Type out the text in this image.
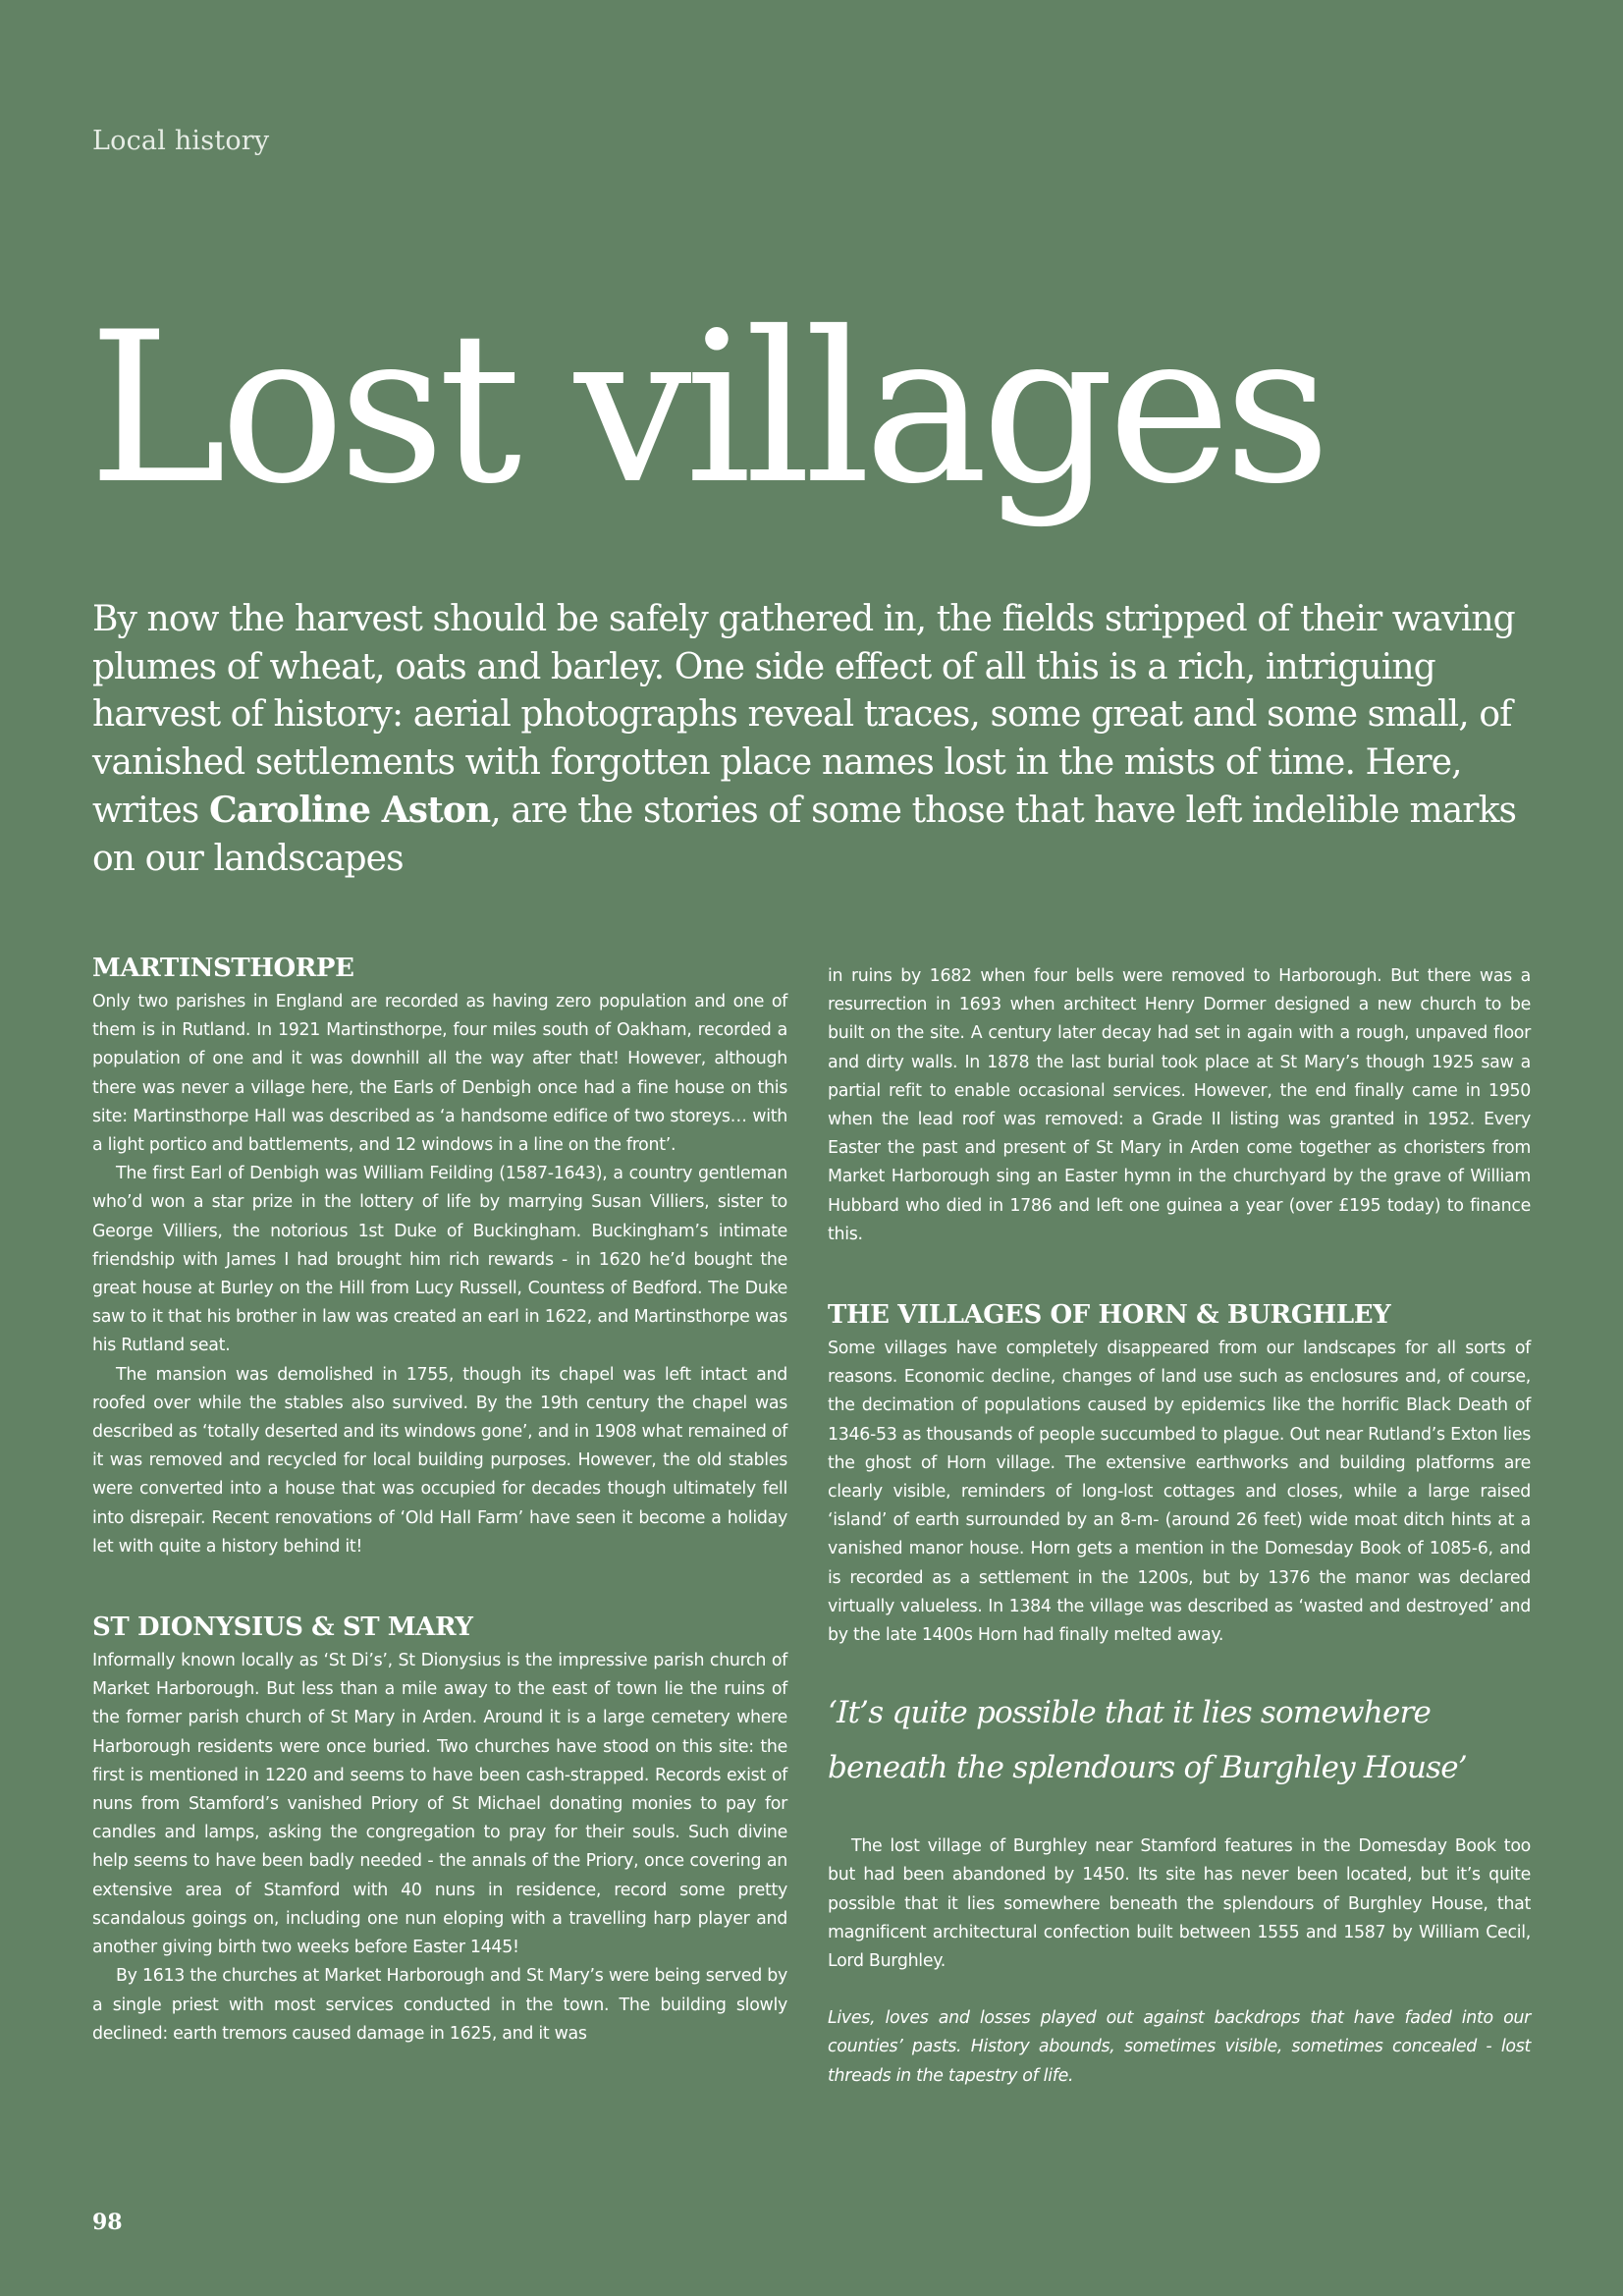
Local history
Lost villages

By now the harvest should be safely gathered in, the fields stripped of their waving plumes of wheat, oats and barley. One side effect of all this is a rich, intriguing harvest of history: aerial photographs reveal traces, some great and some small, of vanished settlements with forgotten place names lost in the mists of time. Here, writes Caroline Aston, are the stories of some those that have left indelible marks on our landscapes

MARTINSTHORPE

Only two parishes in England are recorded as having zero population and one of them is in Rutland. In 1921 Martinsthorpe, four miles south of Oakham, recorded a population of one and it was downhill all the way after that! However, although there was never a village here, the Earls of Denbigh once had a fine house on this site: Martinsthorpe Hall was described as ‘a handsome edifice of two storeys… with a light portico and battlements, and 12 windows in a line on the front’.

The first Earl of Denbigh was William Feilding (1587-1643), a country gentleman who’d won a star prize in the lottery of life by marrying Susan Villiers, sister to George Villiers, the notorious 1st Duke of Buckingham. Buckingham’s intimate friendship with James I had brought him rich rewards - in 1620 he’d bought the great house at Burley on the Hill from Lucy Russell, Countess of Bedford. The Duke saw to it that his brother in law was created an earl in 1622, and Martinsthorpe was his Rutland seat.

The mansion was demolished in 1755, though its chapel was left intact and roofed over while the stables also survived. By the 19th century the chapel was described as ‘totally deserted and its windows gone’, and in 1908 what remained of it was removed and recycled for local building purposes. However, the old stables were converted into a house that was occupied for decades though ultimately fell into disrepair. Recent renovations of ‘Old Hall Farm’ have seen it become a holiday let with quite a history behind it!

ST DIONYSIUS & ST MARY

Informally known locally as ‘St Di’s’, St Dionysius is the impressive parish church of Market Harborough. But less than a mile away to the east of town lie the ruins of the former parish church of St Mary in Arden. Around it is a large cemetery where Harborough residents were once buried. Two churches have stood on this site: the first is mentioned in 1220 and seems to have been cash-strapped. Records exist of nuns from Stamford’s vanished Priory of St Michael donating monies to pay for candles and lamps, asking the congregation to pray for their souls. Such divine help seems to have been badly needed - the annals of the Priory, once covering an extensive area of Stamford with 40 nuns in residence, record some pretty scandalous goings on, including one nun eloping with a travelling harp player and another giving birth two weeks before Easter 1445!

By 1613 the churches at Market Harborough and St Mary’s were being served by a single priest with most services conducted in the town. The building slowly declined: earth tremors caused damage in 1625, and it was

in ruins by 1682 when four bells were removed to Harborough. But there was a resurrection in 1693 when architect Henry Dormer designed a new church to be built on the site. A century later decay had set in again with a rough, unpaved floor and dirty walls. In 1878 the last burial took place at St Mary’s though 1925 saw a partial refit to enable occasional services. However, the end finally came in 1950 when the lead roof was removed: a Grade II listing was granted in 1952. Every Easter the past and present of St Mary in Arden come together as choristers from Market Harborough sing an Easter hymn in the churchyard by the grave of William Hubbard who died in 1786 and left one guinea a year (over £195 today) to finance this.

THE VILLAGES OF HORN & BURGHLEY

Some villages have completely disappeared from our landscapes for all sorts of reasons. Economic decline, changes of land use such as enclosures and, of course, the decimation of populations caused by epidemics like the horrific Black Death of 1346-53 as thousands of people succumbed to plague. Out near Rutland’s Exton lies the ghost of Horn village. The extensive earthworks and building platforms are clearly visible, reminders of long-lost cottages and closes, while a large raised ‘island’ of earth surrounded by an 8-m- (around 26 feet) wide moat ditch hints at a vanished manor house. Horn gets a mention in the Domesday Book of 1085-6, and is recorded as a settlement in the 1200s, but by 1376 the manor was declared virtually valueless. In 1384 the village was described as ‘wasted and destroyed’ and by the late 1400s Horn had finally melted away.

‘It’s quite possible that it lies somewhere beneath the splendours of Burghley House’

The lost village of Burghley near Stamford features in the Domesday Book too but had been abandoned by 1450. Its site has never been located, but it’s quite possible that it lies somewhere beneath the splendours of Burghley House, that magnificent architectural confection built between 1555 and 1587 by William Cecil, Lord Burghley.

Lives, loves and losses played out against backdrops that have faded into our counties’ pasts. History abounds, sometimes visible, sometimes concealed - lost threads in the tapestry of life.

98
